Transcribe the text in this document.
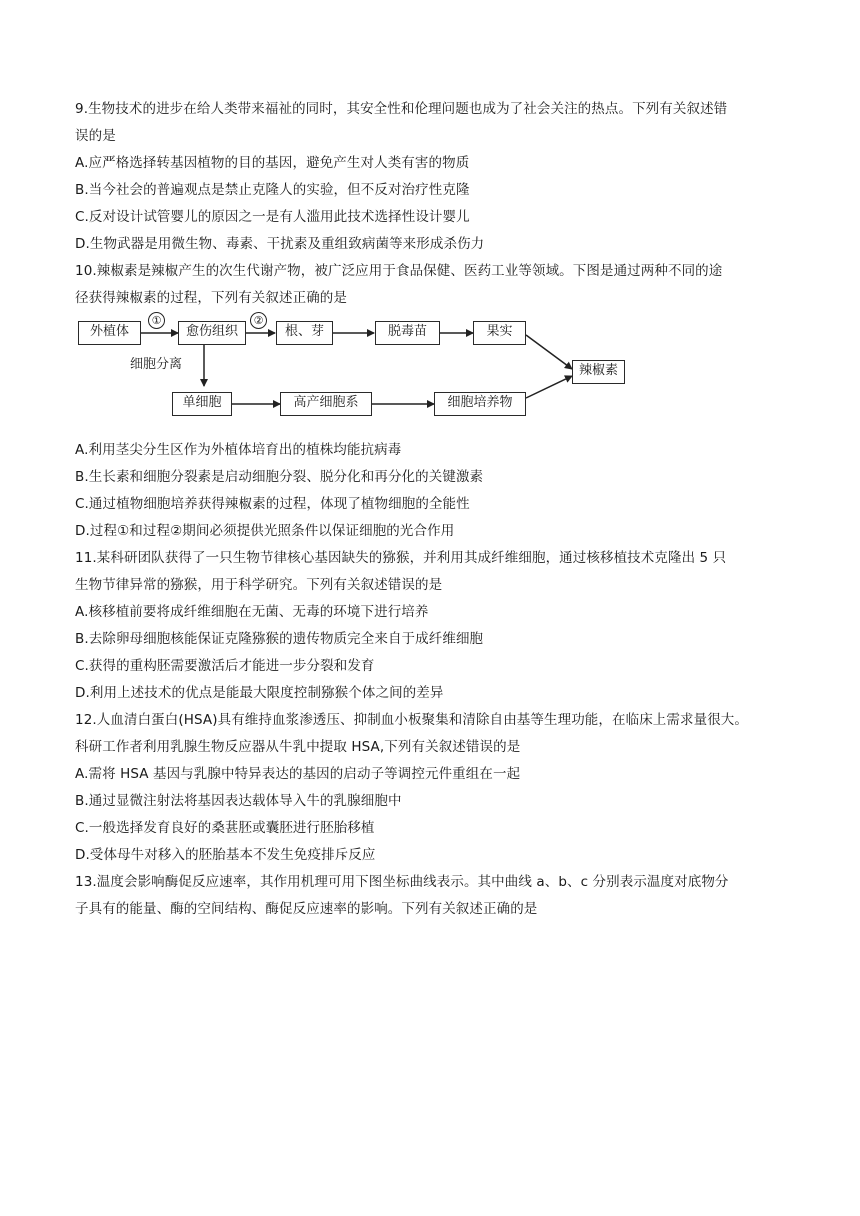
9.生物技术的进步在给人类带来福祉的同时，其安全性和伦理问题也成为了社会关注的热点。下列有关叙述错
误的是
A.应严格选择转基因植物的目的基因，避免产生对人类有害的物质
B.当今社会的普遍观点是禁止克隆人的实验，但不反对治疗性克隆
C.反对设计试管婴儿的原因之一是有人滥用此技术选择性设计婴儿
D.生物武器是用微生物、毒素、干扰素及重组致病菌等来形成杀伤力
10.辣椒素是辣椒产生的次生代谢产物，被广泛应用于食品保健、医药工业等领域。下图是通过两种不同的途
径获得辣椒素的过程，下列有关叙述正确的是
①	②
外植体	愈伤组织	根、芽	脱毒苗	果实
辣椒素
细胞分离
单细胞	高产细胞系	细胞培养物
A.利用茎尖分生区作为外植体培育出的植株均能抗病毒
B.生长素和细胞分裂素是启动细胞分裂、脱分化和再分化的关键激素
C.通过植物细胞培养获得辣椒素的过程，体现了植物细胞的全能性
D.过程①和过程②期间必须提供光照条件以保证细胞的光合作用
11.某科研团队获得了一只生物节律核心基因缺失的猕猴，并利用其成纤维细胞，通过核移植技术克隆出 5 只
生物节律异常的猕猴，用于科学研究。下列有关叙述错误的是
A.核移植前要将成纤维细胞在无菌、无毒的环境下进行培养
B.去除卵母细胞核能保证克隆猕猴的遗传物质完全来自于成纤维细胞
C.获得的重构胚需要激活后才能进一步分裂和发育
D.利用上述技术的优点是能最大限度控制猕猴个体之间的差异
12.人血清白蛋白(HSA)具有维持血浆渗透压、抑制血小板聚集和清除自由基等生理功能，在临床上需求量很大。
科研工作者利用乳腺生物反应器从牛乳中提取 HSA,下列有关叙述错误的是
A.需将 HSA 基因与乳腺中特异表达的基因的启动子等调控元件重组在一起
B.通过显微注射法将基因表达载体导入牛的乳腺细胞中
C.一般选择发育良好的桑葚胚或囊胚进行胚胎移植
D.受体母牛对移入的胚胎基本不发生免疫排斥反应
13.温度会影响酶促反应速率，其作用机理可用下图坐标曲线表示。其中曲线 a、b、c 分别表示温度对底物分
子具有的能量、酶的空间结构、酶促反应速率的影响。下列有关叙述正确的是
